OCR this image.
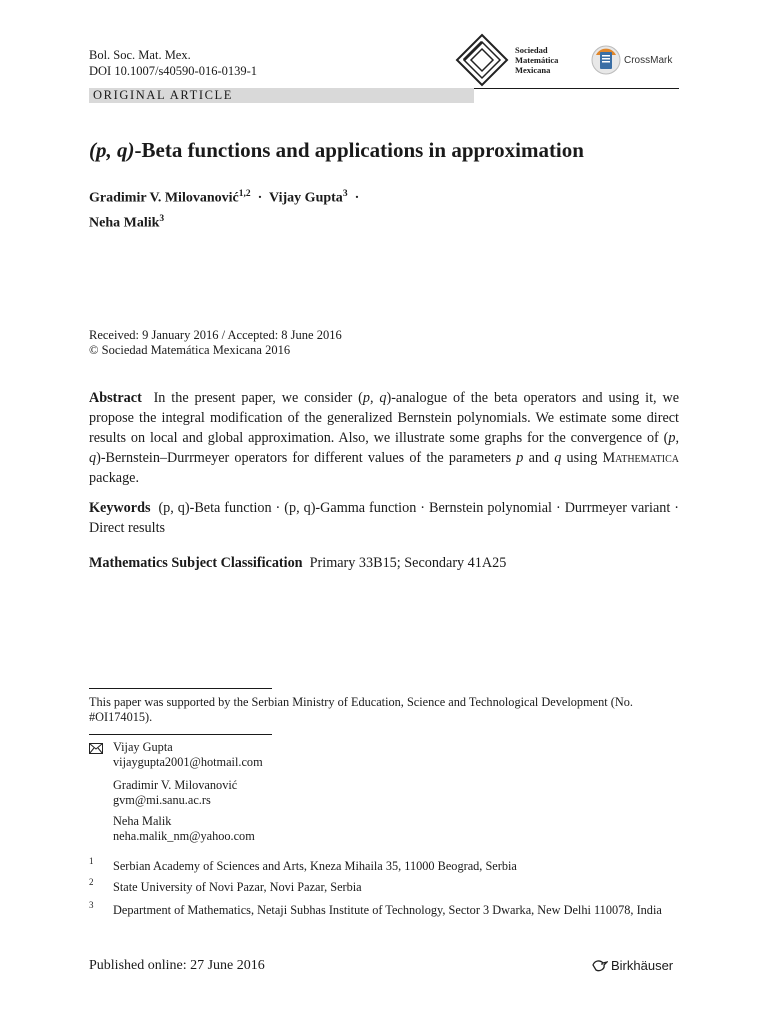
Bol. Soc. Mat. Mex.
DOI 10.1007/s40590-016-0139-1
Sociedad
Matemática
Mexicana
CrossMark
ORIGINAL ARTICLE
(p, q)-Beta functions and applications in approximation
Gradimir V. Milovanović$^{1,2}$ · Vijay Gupta$^3$ ·
Neha Malik$^3$
Received: 9 January 2016 / Accepted: 8 June 2016
© Sociedad Matemática Mexicana 2016
Abstract In the present paper, we consider (p, q)-analogue of the beta operators and using it, we propose the integral modification of the generalized Bernstein polynomials. We estimate some direct results on local and global approximation. Also, we illustrate some graphs for the convergence of (p, q)-Bernstein–Durrmeyer operators for different values of the parameters p and q using Mathematica package.
Keywords (p, q)-Beta function · (p, q)-Gamma function · Bernstein polynomial · Durrmeyer variant · Direct results
Mathematics Subject Classification Primary 33B15; Secondary 41A25
This paper was supported by the Serbian Ministry of Education, Science and Technological Development (No. #OI174015).
Vijay Gupta
vijaygupta2001@hotmail.com
Gradimir V. Milovanović
gvm@mi.sanu.ac.rs
Neha Malik
neha.malik_nm@yahoo.com
1 Serbian Academy of Sciences and Arts, Kneza Mihaila 35, 11000 Beograd, Serbia
2 State University of Novi Pazar, Novi Pazar, Serbia
3 Department of Mathematics, Netaji Subhas Institute of Technology, Sector 3 Dwarka, New Delhi 110078, India
Published online: 27 June 2016	Birkhäuser
